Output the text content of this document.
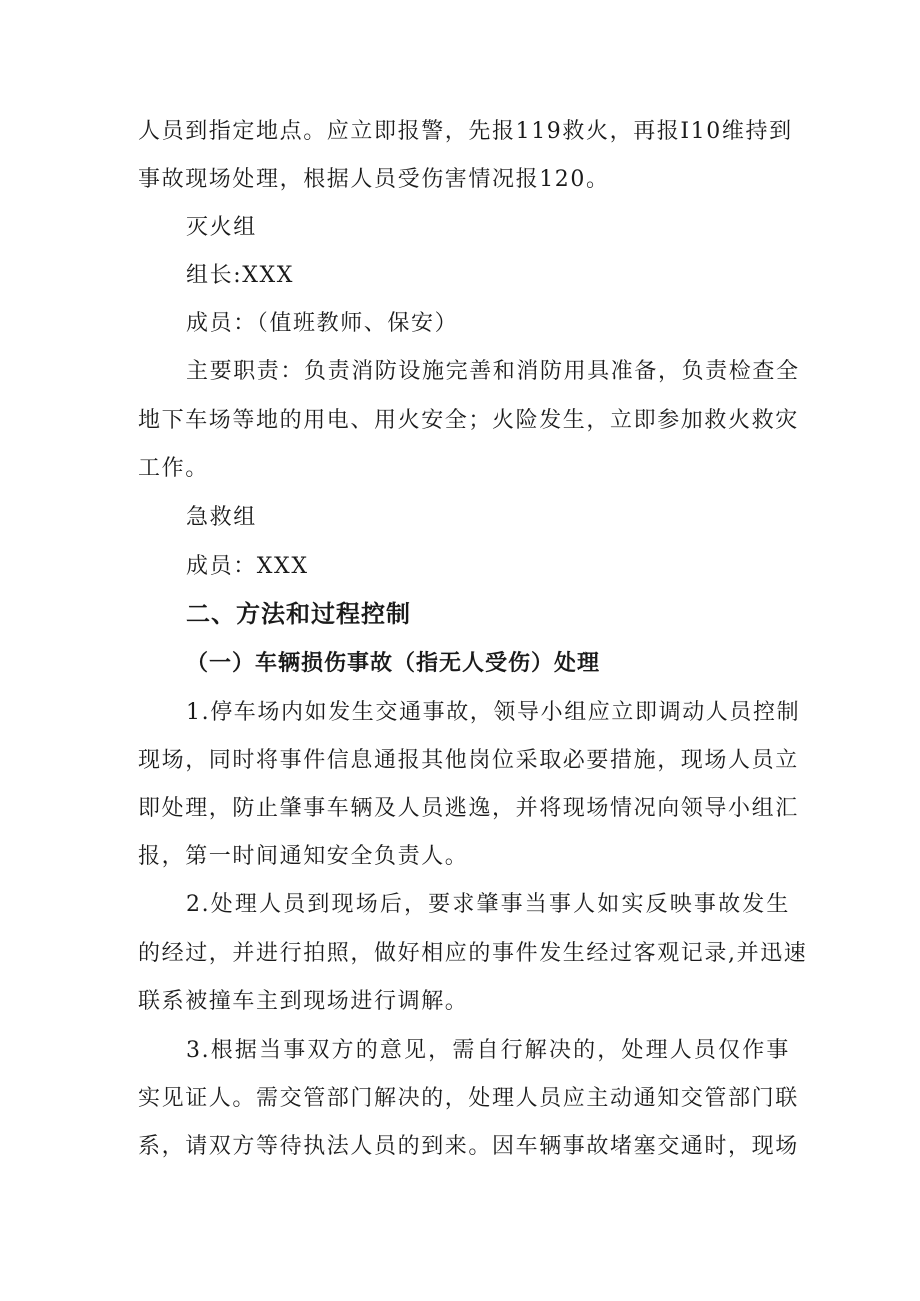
人员到指定地点。应立即报警，先报119救火，再报I10维持到
事故现场处理，根据人员受伤害情况报120。
灭火组
组长:XXX
成员：（值班教师、保安）
主要职责：负责消防设施完善和消防用具准备，负责检查全
地下车场等地的用电、用火安全；火险发生，立即参加救火救灾
工作。
急救组
成员：XXX
二、方法和过程控制
（一）车辆损伤事故（指无人受伤）处理
1.停车场内如发生交通事故，领导小组应立即调动人员控制
现场，同时将事件信息通报其他岗位采取必要措施，现场人员立
即处理，防止肇事车辆及人员逃逸，并将现场情况向领导小组汇
报，第一时间通知安全负责人。
2.处理人员到现场后，要求肇事当事人如实反映事故发生
的经过，并进行拍照，做好相应的事件发生经过客观记录,并迅速
联系被撞车主到现场进行调解。
3.根据当事双方的意见，需自行解决的，处理人员仅作事
实见证人。需交管部门解决的，处理人员应主动通知交管部门联
系，请双方等待执法人员的到来。因车辆事故堵塞交通时，现场
